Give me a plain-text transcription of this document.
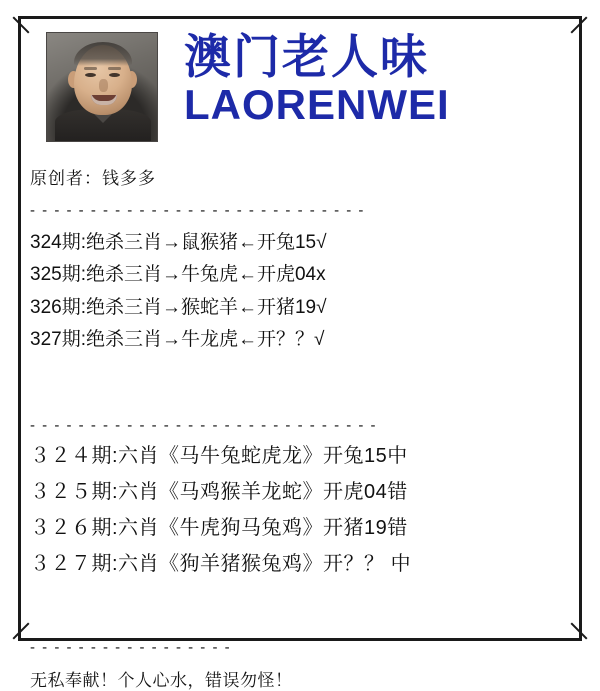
澳门老人味
LAORENWEI
原创者：钱多多
- - - - - - - - - - - - - - - - - - - - - - - - - - - -
324期:绝杀三肖→鼠猴猪←开兔15√
325期:绝杀三肖→牛兔虎←开虎04x
326期:绝杀三肖→猴蛇羊←开猪19√
327期:绝杀三肖→牛龙虎←开？？√
- - - - - - - - - - - - - - - - - - - - - - - - - - - - -
３２４期:六肖《马牛兔蛇虎龙》开兔15中
３２５期:六肖《马鸡猴羊龙蛇》开虎04错
３２６期:六肖《牛虎狗马兔鸡》开猪19错
３２７期:六肖《狗羊猪猴兔鸡》开？？ 中
- - - - - - - - - - - - - - - - -
无私奉献！个人心水，错误勿怪！
